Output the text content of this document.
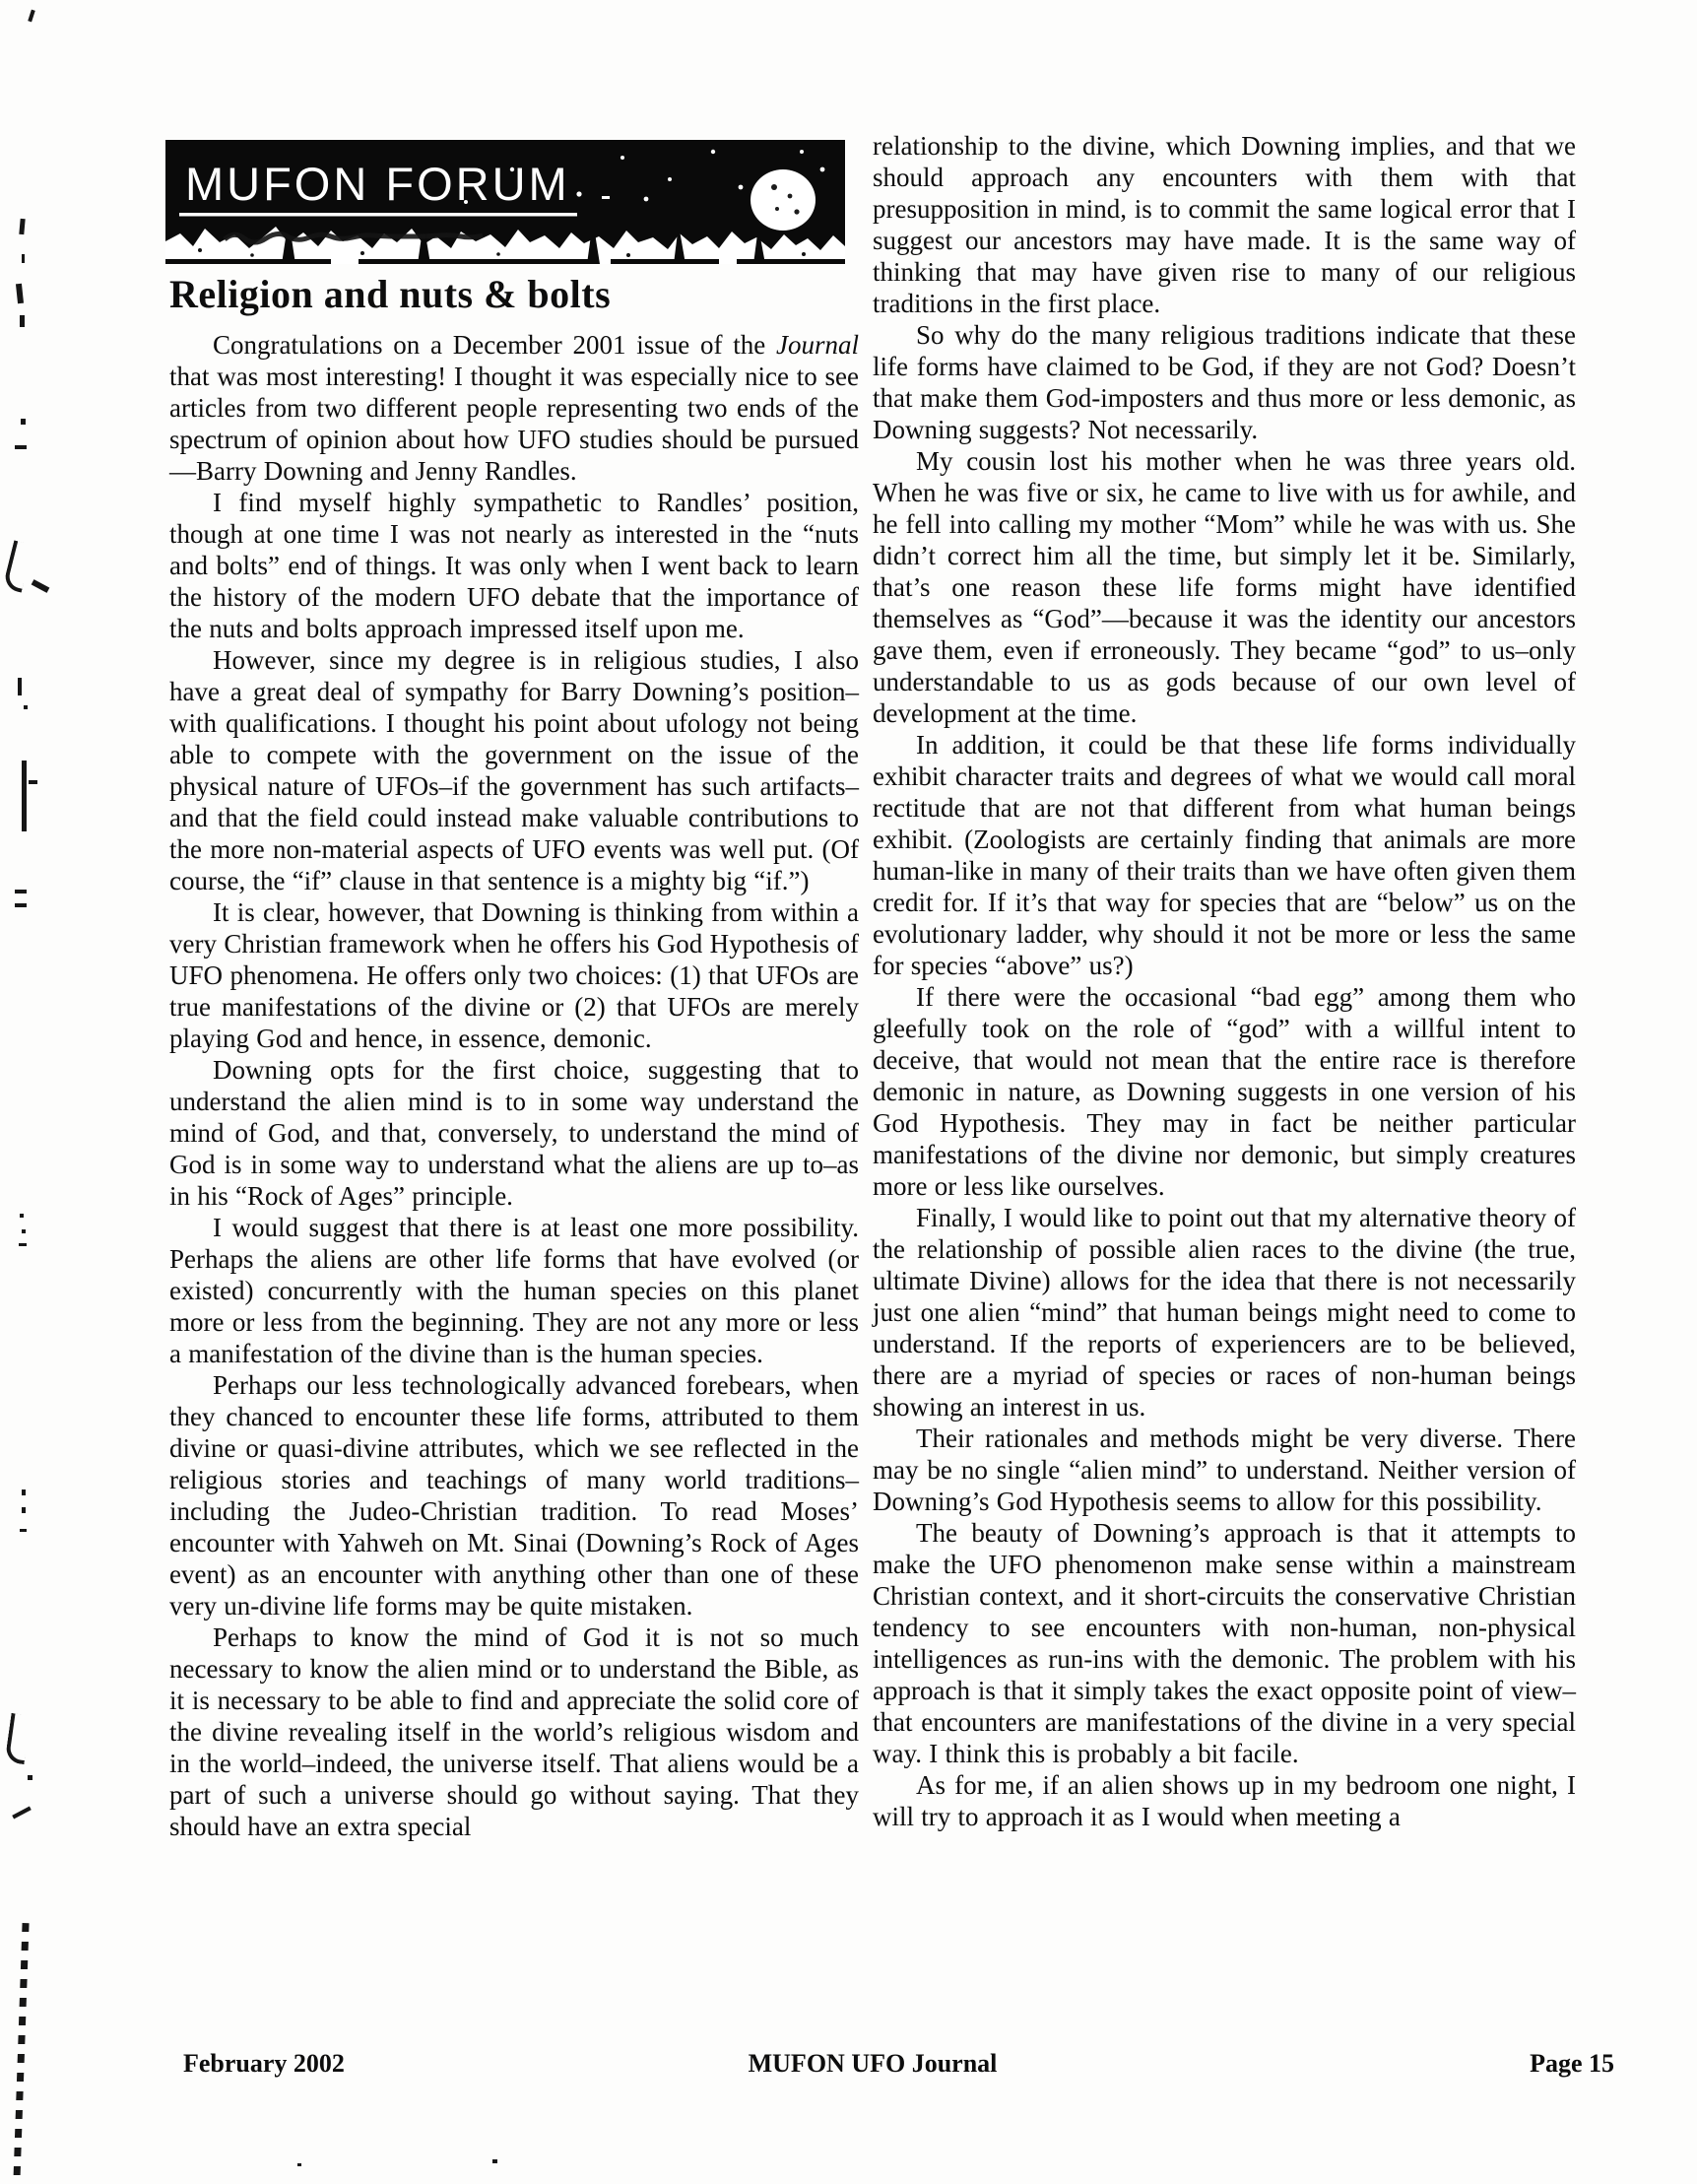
MUFON FORUM
Religion and nuts & bolts

Congratulations on a December 2001 issue of the Journal that was most interesting! I thought it was especially nice to see articles from two different people representing two ends of the spectrum of opinion about how UFO studies should be pursued—Barry Downing and Jenny Randles.

I find myself highly sympathetic to Randles’ position, though at one time I was not nearly as interested in the “nuts and bolts” end of things. It was only when I went back to learn the history of the modern UFO debate that the importance of the nuts and bolts approach impressed itself upon me.

However, since my degree is in religious studies, I also have a great deal of sympathy for Barry Downing’s position–with qualifications. I thought his point about ufology not being able to compete with the government on the issue of the physical nature of UFOs–if the government has such artifacts–and that the field could instead make valuable contributions to the more non-material aspects of UFO events was well put. (Of course, the “if” clause in that sentence is a mighty big “if.”)

It is clear, however, that Downing is thinking from within a very Christian framework when he offers his God Hypothesis of UFO phenomena. He offers only two choices: (1) that UFOs are true manifestations of the divine or (2) that UFOs are merely playing God and hence, in essence, demonic.

Downing opts for the first choice, suggesting that to understand the alien mind is to in some way understand the mind of God, and that, conversely, to understand the mind of God is in some way to understand what the aliens are up to–as in his “Rock of Ages” principle.

I would suggest that there is at least one more possibility. Perhaps the aliens are other life forms that have evolved (or existed) concurrently with the human species on this planet more or less from the beginning. They are not any more or less a manifestation of the divine than is the human species.

Perhaps our less technologically advanced forebears, when they chanced to encounter these life forms, attributed to them divine or quasi-divine attributes, which we see reflected in the religious stories and teachings of many world traditions–including the Judeo-Christian tradition. To read Moses’ encounter with Yahweh on Mt. Sinai (Downing’s Rock of Ages event) as an encounter with anything other than one of these very un-divine life forms may be quite mistaken.

Perhaps to know the mind of God it is not so much necessary to know the alien mind or to understand the Bible, as it is necessary to be able to find and appreciate the solid core of the divine revealing itself in the world’s religious wisdom and in the world–indeed, the universe itself. That aliens would be a part of such a universe should go without saying. That they should have an extra special

relationship to the divine, which Downing implies, and that we should approach any encounters with them with that presupposition in mind, is to commit the same logical error that I suggest our ancestors may have made. It is the same way of thinking that may have given rise to many of our religious traditions in the first place.

So why do the many religious traditions indicate that these life forms have claimed to be God, if they are not God? Doesn’t that make them God-imposters and thus more or less demonic, as Downing suggests? Not necessarily.

My cousin lost his mother when he was three years old. When he was five or six, he came to live with us for awhile, and he fell into calling my mother “Mom” while he was with us. She didn’t correct him all the time, but simply let it be. Similarly, that’s one reason these life forms might have identified themselves as “God”—because it was the identity our ancestors gave them, even if erroneously. They became “god” to us–only understandable to us as gods because of our own level of development at the time.

In addition, it could be that these life forms individually exhibit character traits and degrees of what we would call moral rectitude that are not that different from what human beings exhibit. (Zoologists are certainly finding that animals are more human-like in many of their traits than we have often given them credit for. If it’s that way for species that are “below” us on the evolutionary ladder, why should it not be more or less the same for species “above” us?)

If there were the occasional “bad egg” among them who gleefully took on the role of “god” with a willful intent to deceive, that would not mean that the entire race is therefore demonic in nature, as Downing suggests in one version of his God Hypothesis. They may in fact be neither particular manifestations of the divine nor demonic, but simply creatures more or less like ourselves.

Finally, I would like to point out that my alternative theory of the relationship of possible alien races to the divine (the true, ultimate Divine) allows for the idea that there is not necessarily just one alien “mind” that human beings might need to come to understand. If the reports of experiencers are to be believed, there are a myriad of species or races of non-human beings showing an interest in us.

Their rationales and methods might be very diverse. There may be no single “alien mind” to understand. Neither version of Downing’s God Hypothesis seems to allow for this possibility.

The beauty of Downing’s approach is that it attempts to make the UFO phenomenon make sense within a mainstream Christian context, and it short-circuits the conservative Christian tendency to see encounters with non-human, non-physical intelligences as run-ins with the demonic. The problem with his approach is that it simply takes the exact opposite point of view–that encounters are manifestations of the divine in a very special way. I think this is probably a bit facile.

As for me, if an alien shows up in my bedroom one night, I will try to approach it as I would when meeting a

February 2002	MUFON UFO Journal	Page 15
